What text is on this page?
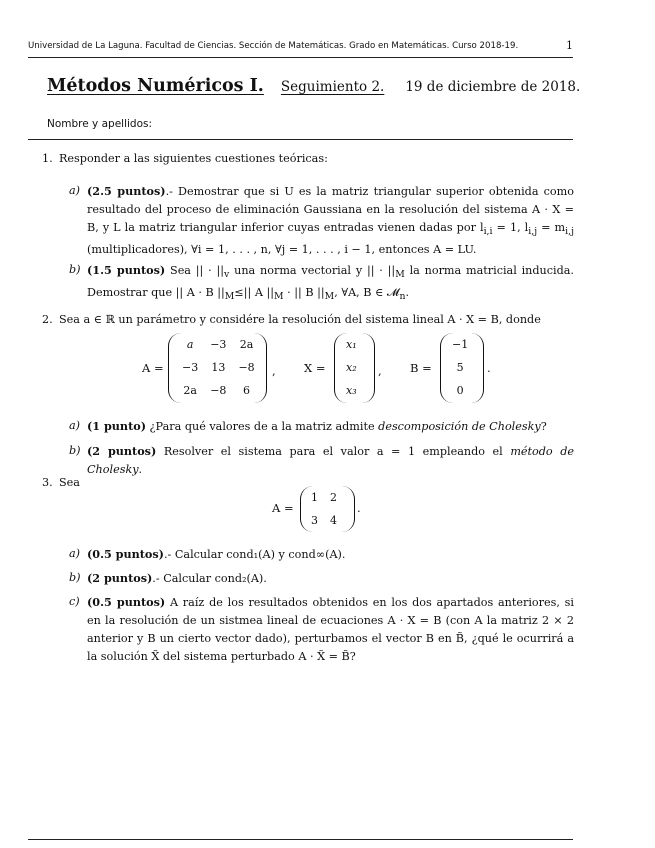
Universidad de La Laguna. Facultad de Ciencias. Sección de Matemáticas. Grado en Matemáticas. Curso 2018-19.	1
Métodos Numéricos I. Seguimiento 2. 19 de diciembre de 2018.
Nombre y apellidos:
1. Responder a las siguientes cuestiones teóricas:
a) (2.5 puntos).- Demostrar que si U es la matriz triangular superior obtenida como resultado del proceso de eliminación Gaussiana en la resolución del sistema A · X = B, y L la matriz triangular inferior cuyas entradas vienen dadas por $l_{i,i} = 1$, $l_{i,j} = m_{i,j}$ (multiplicadores), ∀i = 1, . . . , n, ∀j = 1, . . . , i − 1, entonces A = LU.
b) (1.5 puntos) Sea || · $||_v$ una norma vectorial y || · $||_M$ la norma matricial inducida. Demostrar que || A · B $||_M\le||$ A $||_M$ · || B $||_M$, ∀A, B ∈ 𝓜$_n$.
2. Sea a ∈ ℝ un parámetro y considére la resolución del sistema lineal A · X = B, donde
A =
a	−3	2a
−3	13	−8
2a	−8	6
, X =
x₁
x₂
x₃
, B =
−1
5
0
.
a) (1 punto) ¿Para qué valores de a la matriz admite descomposición de Cholesky?
b) (2 puntos) Resolver el sistema para el valor a = 1 empleando el método de Cholesky.
3. Sea
A =
1	2
3	4
.
a) (0.5 puntos).- Calcular cond₁(A) y cond∞(A).
b) (2 puntos).- Calcular cond₂(A).
c) (0.5 puntos) A raíz de los resultados obtenidos en los dos apartados anteriores, si en la resolución de un sistmea lineal de ecuaciones A · X = B (con A la matriz 2 × 2 anterior y B un cierto vector dado), perturbamos el vector B en B̃, ¿qué le ocurrirá a la solución X̃ del sistema perturbado A · X̃ = B̃?
